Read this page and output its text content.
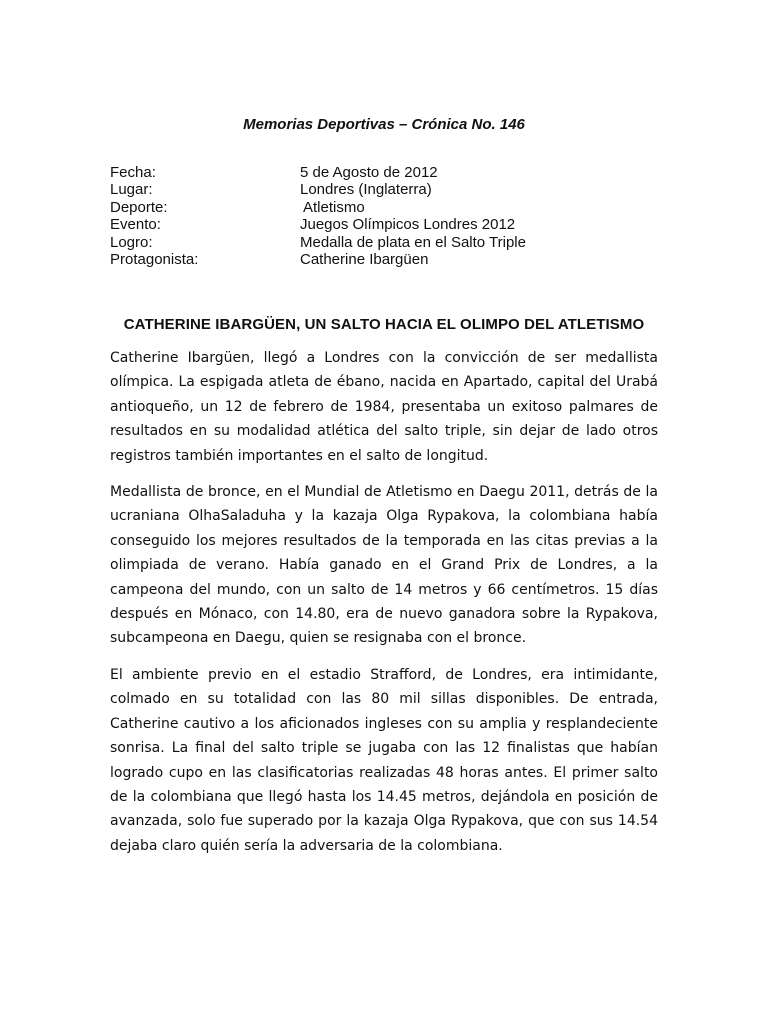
Memorias Deportivas – Crónica No. 146
Fecha:	5 de Agosto de 2012
Lugar:	Londres (Inglaterra)
Deporte:	Atletismo
Evento:	Juegos Olímpicos Londres 2012
Logro:	Medalla de plata en el Salto Triple
Protagonista:	Catherine Ibargüen
CATHERINE IBARGÜEN, UN SALTO HACIA EL OLIMPO DEL ATLETISMO

Catherine Ibargüen, llegó a Londres con la convicción de ser medallista olímpica. La espigada atleta de ébano, nacida en Apartado, capital del Urabá antioqueño, un 12 de febrero de 1984, presentaba un exitoso palmares de resultados en su modalidad atlética del salto triple, sin dejar de lado otros registros también importantes en el salto de longitud.

Medallista de bronce, en el Mundial de Atletismo en Daegu 2011, detrás de la ucraniana OlhaSaladuha y la kazaja Olga Rypakova, la colombiana había conseguido los mejores resultados de la temporada en las citas previas a la olimpiada de verano. Había ganado en el Grand Prix de Londres, a la campeona del mundo, con un salto de 14 metros y 66 centímetros. 15 días después en Mónaco, con 14.80, era de nuevo ganadora sobre la Rypakova, subcampeona en Daegu, quien se resignaba con el bronce.

El ambiente previo en el estadio Strafford, de Londres, era intimidante, colmado en su totalidad con las 80 mil sillas disponibles. De entrada, Catherine cautivo a los aficionados ingleses con su amplia y resplandeciente sonrisa. La final del salto triple se jugaba con las 12 finalistas que habían logrado cupo en las clasificatorias realizadas 48 horas antes. El primer salto de la colombiana que llegó hasta los 14.45 metros, dejándola en posición de avanzada, solo fue superado por la kazaja Olga Rypakova, que con sus 14.54 dejaba claro quién sería la adversaria de la colombiana.
